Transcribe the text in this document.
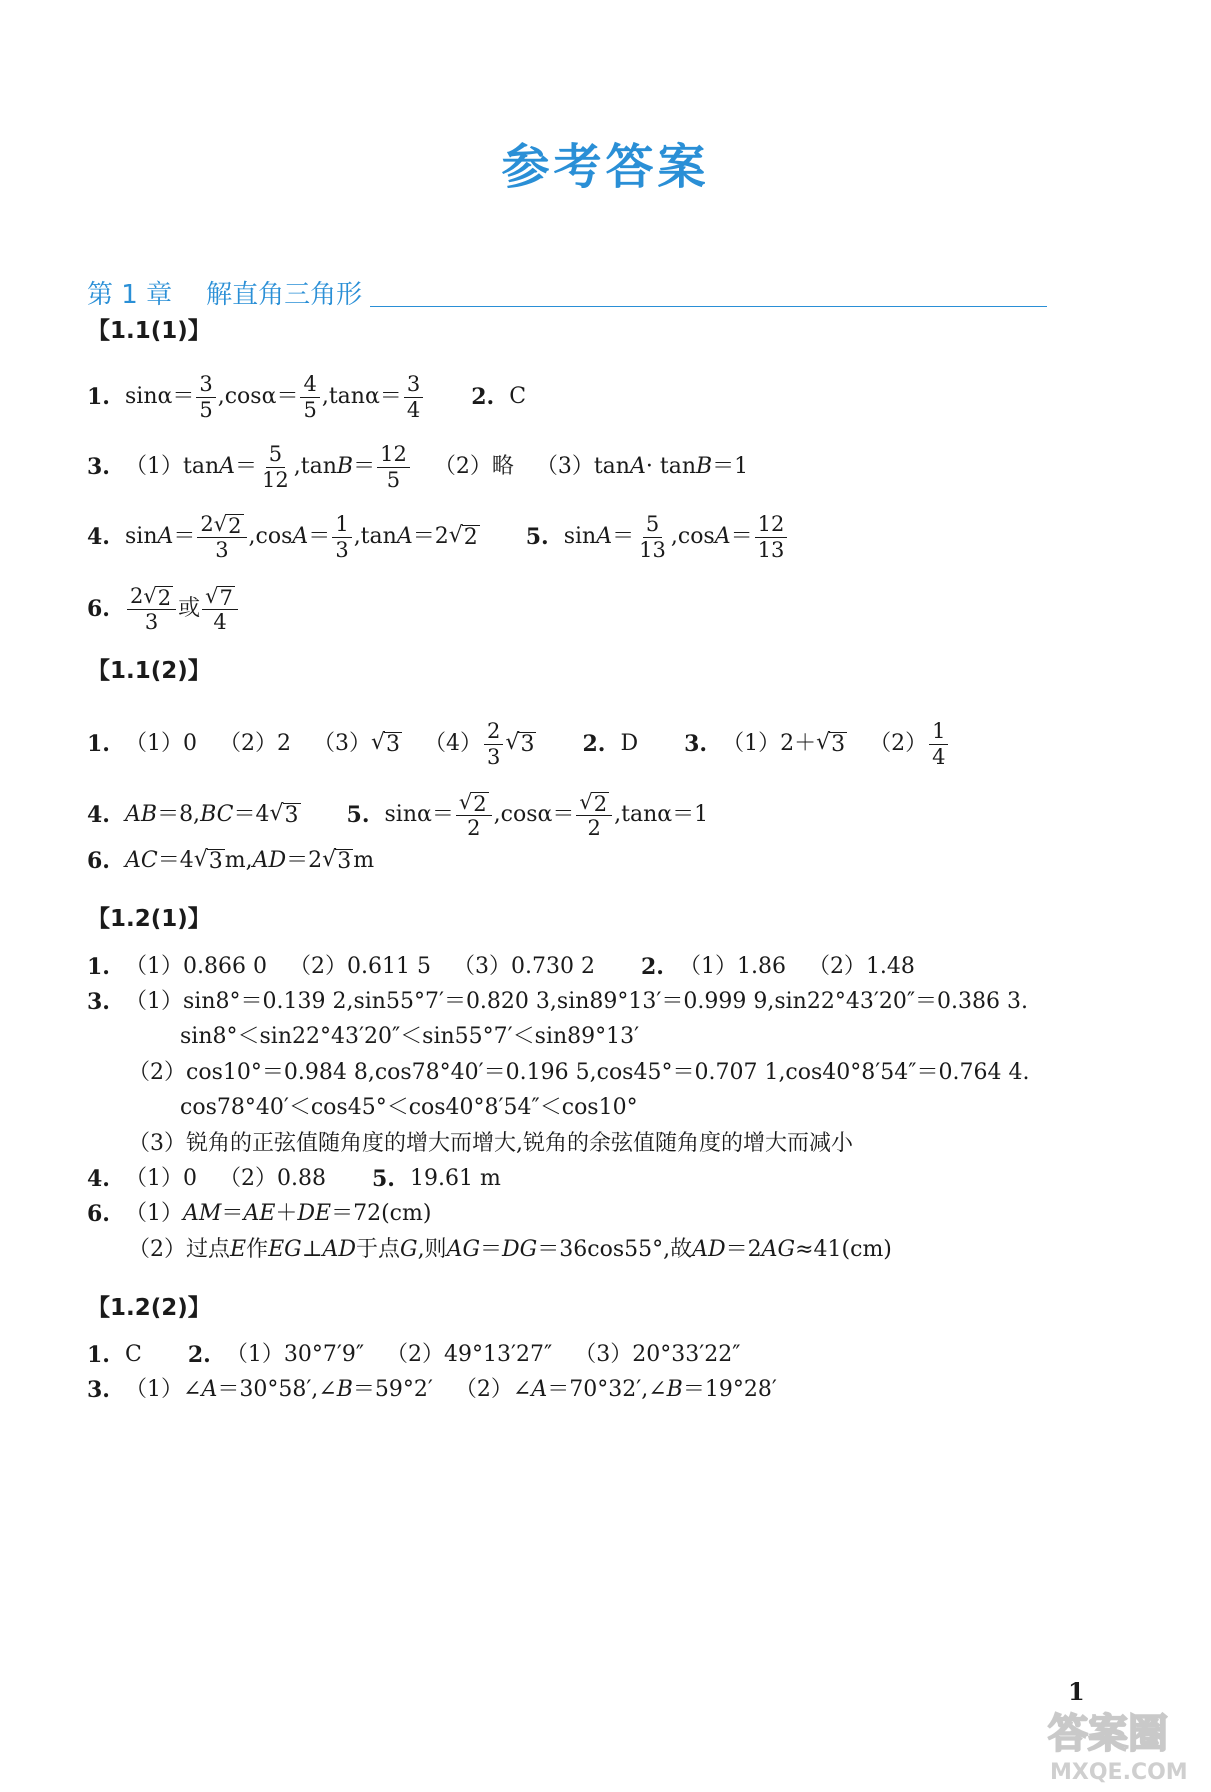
参考答案
第 1 章 解直角三角形
【1.1(1)】
1. $\sin\alpha= \frac{3}{5} ,\cos\alpha= \frac{4}{5} ,\tan\alpha= \frac{3}{4} 2$. C
3. （1） $\tan A = \frac{5}{12} ,\tan$ $B = \frac{12}{5} (2)$ 略 （3） tan A · tan B ＝1
4. $\sin A = \frac{2 √ 2}{3} ,\cos$ $A = \frac{1}{3} ,\tan$ A ＝2 √ 2 5. $\sin A = \frac{5}{13} ,\cos$ $A = \frac{12}{13}$
6. $\frac{2 √ 2}{3}$ 或 $\frac{√ 7}{4}$
【1.1(2)】
1. （1） 0 （2） 2 （3） √ 3 $(4) \frac{2}{3}$ √ 3 2. D 3. （1） 2＋ √ 3 $(2) \frac{1}{4}$
4. AB ＝8, BC ＝4 √ 3 5. $\sin\alpha= \frac{√ 2}{2} ,\cos\alpha= \frac{√ 2}{2} ,\tan\alpha=1$
6. AC ＝4 √ 3 m, AD ＝2 √ 3 m
【1.2(1)】
1. （1） 0.866 0 （2） 0.611 5 （3） 0.730 2 2. （1） 1.86 （2） 1.48
3. （1） sin8°＝0.139 2,sin55°7′＝0.820 3,sin89°13′＝0.999 9,sin22°43′20″＝0.386 3.
sin8°＜sin22°43′20″＜sin55°7′＜sin89°13′
（2） cos10°＝0.984 8,cos78°40′＝0.196 5,cos45°＝0.707 1,cos40°8′54″＝0.764 4.
cos78°40′＜cos45°＜cos40°8′54″＜cos10°
（3） 锐角的正弦值随角度的增大而增大,锐角的余弦值随角度的增大而减小
4. （1） 0 （2） 0.88 5. 19.61 m
6. （1） AM ＝ AE ＋ DE ＝72(cm)
（2） 过点 E 作 EG ⊥ AD 于点 G ,则 AG ＝ DG ＝36cos55°,故 AD ＝2 AG ≈41(cm)
【1.2(2)】
1. C 2. （1） 30°7′9″ （2） 49°13′27″ （3） 20°33′22″
3. （1） ∠ A ＝30°58′, ∠ B ＝59°2′ （2） ∠ A ＝70°32′, ∠ B ＝19°28′
1
答案圈
MXQE.COM
